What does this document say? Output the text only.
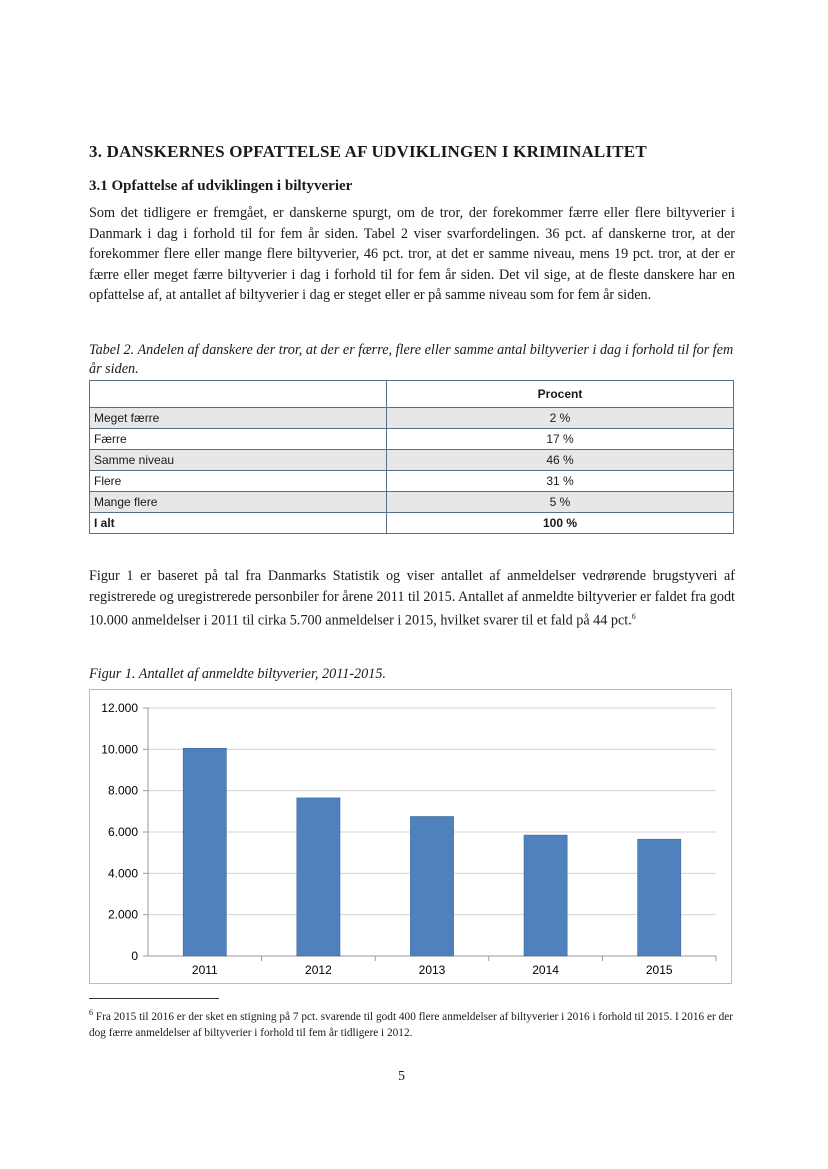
3. DANSKERNES OPFATTELSE AF UDVIKLINGEN I KRIMINALITET
3.1 Opfattelse af udviklingen i biltyverier
Som det tidligere er fremgået, er danskerne spurgt, om de tror, der forekommer færre eller flere biltyverier i Danmark i dag i forhold til for fem år siden. Tabel 2 viser svarfordelingen. 36 pct. af danskerne tror, at der forekommer flere eller mange flere biltyverier, 46 pct. tror, at det er samme niveau, mens 19 pct. tror, at der er færre eller meget færre biltyverier i dag i forhold til for fem år siden. Det vil sige, at de fleste danskere har en opfattelse af, at antallet af biltyverier i dag er steget eller er på samme niveau som for fem år siden.
Tabel 2. Andelen af danskere der tror, at der er færre, flere eller samme antal biltyverier i dag i forhold til for fem år siden.
	Procent
Meget færre	2 %
Færre	17 %
Samme niveau	46 %
Flere	31 %
Mange flere	5 %
I alt	100 %
Figur 1 er baseret på tal fra Danmarks Statistik og viser antallet af anmeldelser vedrørende brugstyveri af registrerede og uregistrerede personbiler for årene 2011 til 2015. Antallet af anmeldte biltyverier er faldet fra godt 10.000 anmeldelser i 2011 til cirka 5.700 anmeldelser i 2015, hvilket svarer til et fald på 44 pct.$^6$
Figur 1. Antallet af anmeldte biltyverier, 2011-2015.
0
2.000
4.000
6.000
8.000
10.000
12.000
2011	2012	2013	2014	2015
$^6$ Fra 2015 til 2016 er der sket en stigning på 7 pct. svarende til godt 400 flere anmeldelser af biltyverier i 2016 i forhold til 2015. I 2016 er der dog færre anmeldelser af biltyverier i forhold til fem år tidligere i 2012.
5
